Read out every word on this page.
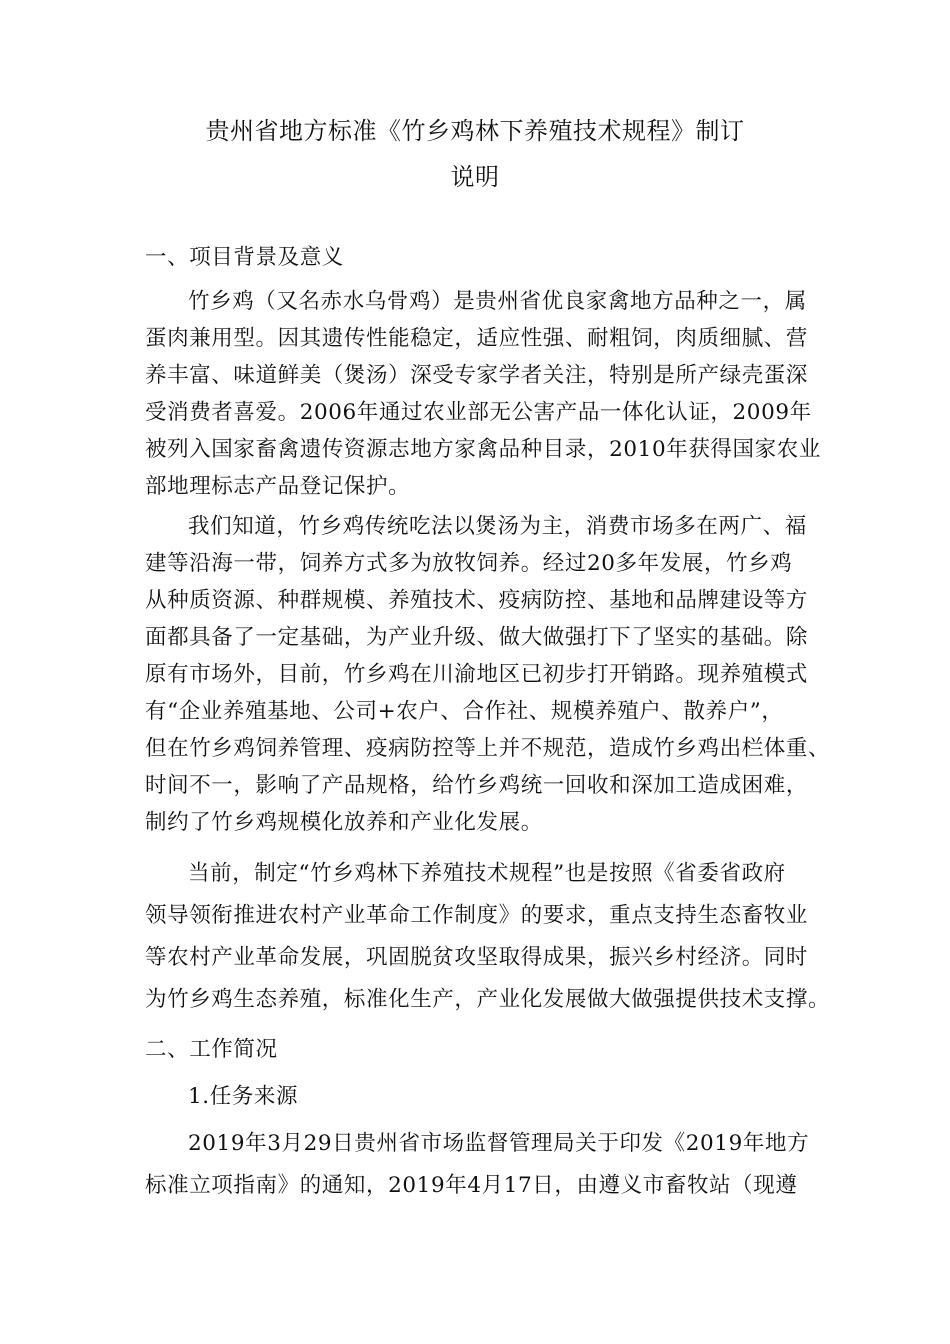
贵州省地方标准《竹乡鸡林下养殖技术规程》制订
说明
一、项目背景及意义
竹乡鸡（又名赤水乌骨鸡）是贵州省优良家禽地方品种之一，属
蛋肉兼用型。因其遗传性能稳定，适应性强、耐粗饲，肉质细腻、营
养丰富、味道鲜美（煲汤）深受专家学者关注，特别是所产绿壳蛋深
受消费者喜爱。2006年通过农业部无公害产品一体化认证，2009年
被列入国家畜禽遗传资源志地方家禽品种目录，2010年获得国家农业
部地理标志产品登记保护。
我们知道，竹乡鸡传统吃法以煲汤为主，消费市场多在两广、福
建等沿海一带，饲养方式多为放牧饲养。经过20多年发展，竹乡鸡
从种质资源、种群规模、养殖技术、疫病防控、基地和品牌建设等方
面都具备了一定基础，为产业升级、做大做强打下了坚实的基础。除
原有市场外，目前，竹乡鸡在川渝地区已初步打开销路。现养殖模式
有“企业养殖基地、公司+农户、合作社、规模养殖户、散养户”，
但在竹乡鸡饲养管理、疫病防控等上并不规范，造成竹乡鸡出栏体重、
时间不一，影响了产品规格，给竹乡鸡统一回收和深加工造成困难，
制约了竹乡鸡规模化放养和产业化发展。
当前，制定“竹乡鸡林下养殖技术规程”也是按照《省委省政府
领导领衔推进农村产业革命工作制度》的要求，重点支持生态畜牧业
等农村产业革命发展，巩固脱贫攻坚取得成果，振兴乡村经济。同时
为竹乡鸡生态养殖，标准化生产，产业化发展做大做强提供技术支撑。
二、工作简况
1.任务来源
2019年3月29日贵州省市场监督管理局关于印发《2019年地方
标准立项指南》的通知，2019年4月17日，由遵义市畜牧站（现遵
